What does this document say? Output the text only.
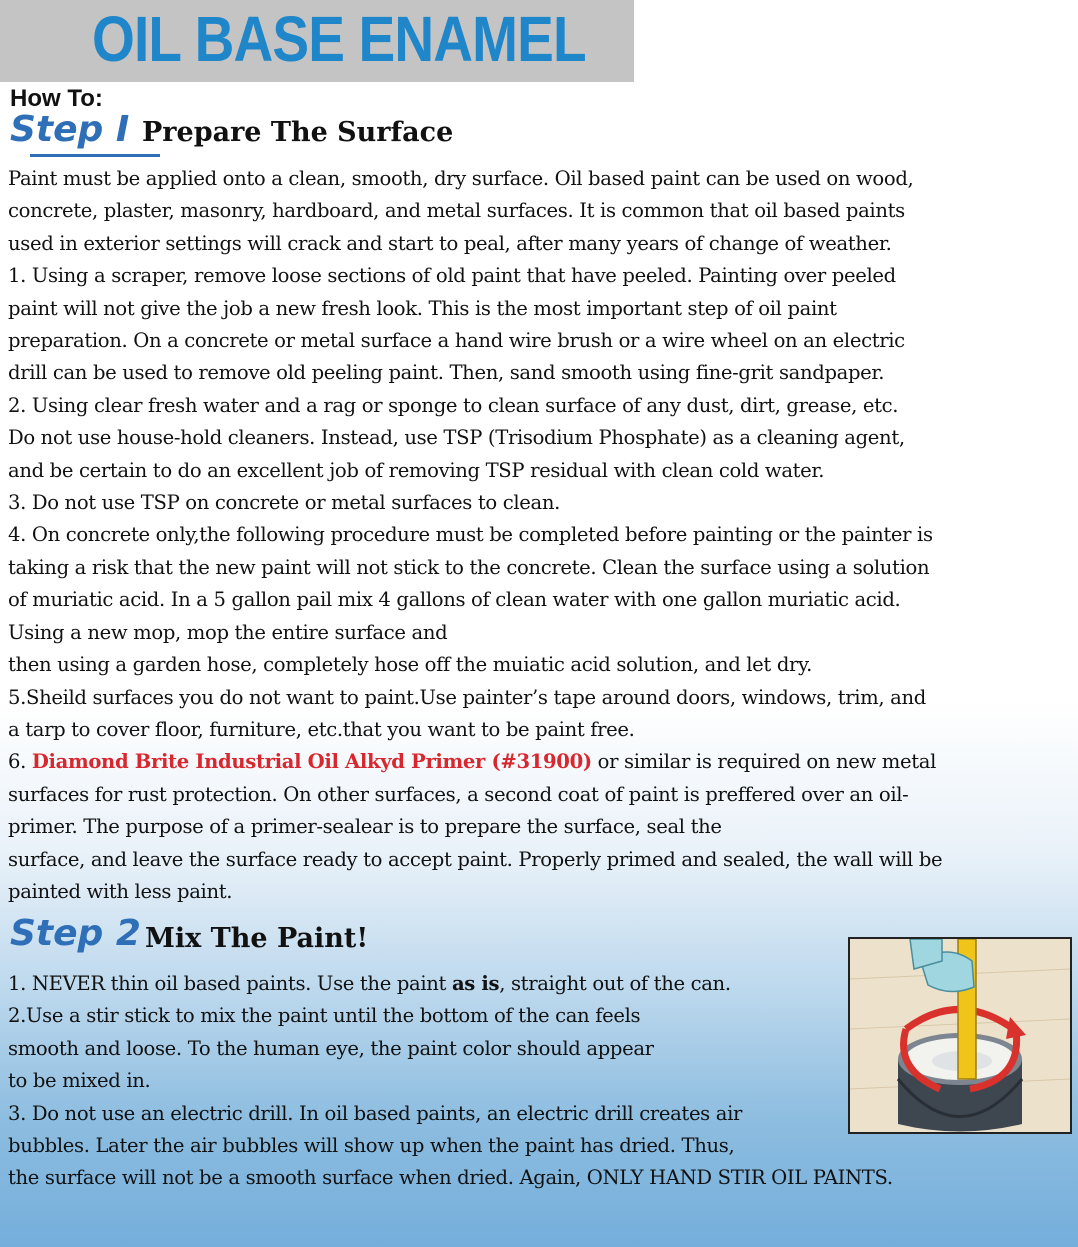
OIL BASE ENAMEL
How To:
Step I Prepare The Surface
Paint must be applied onto a clean, smooth, dry surface. Oil based paint can be used on wood,
concrete, plaster, masonry, hardboard, and metal surfaces. It is common that oil based paints
used in exterior settings will crack and start to peal, after many years of change of weather.
1. Using a scraper, remove loose sections of old paint that have peeled. Painting over peeled
paint will not give the job a new fresh look. This is the most important step of oil paint
preparation. On a concrete or metal surface a hand wire brush or a wire wheel on an electric
drill can be used to remove old peeling paint. Then, sand smooth using fine-grit sandpaper.
2. Using clear fresh water and a rag or sponge to clean surface of any dust, dirt, grease, etc.
Do not use house-hold cleaners. Instead, use TSP (Trisodium Phosphate) as a cleaning agent,
and be certain to do an excellent job of removing TSP residual with clean cold water.
3. Do not use TSP on concrete or metal surfaces to clean.
4. On concrete only,the following procedure must be completed before painting or the painter is
taking a risk that the new paint will not stick to the concrete. Clean the surface using a solution
of muriatic acid. In a 5 gallon pail mix 4 gallons of clean water with one gallon muriatic acid.
Using a new mop, mop the entire surface and
then using a garden hose, completely hose off the muiatic acid solution, and let dry.
5.Sheild surfaces you do not want to paint.Use painter’s tape around doors, windows, trim, and
a tarp to cover floor, furniture, etc.that you want to be paint free.
6. Diamond Brite Industrial Oil Alkyd Primer (#31900) or similar is required on new metal
surfaces for rust protection. On other surfaces, a second coat of paint is preffered over an oil-
primer. The purpose of a primer-sealear is to prepare the surface, seal the
surface, and leave the surface ready to accept paint. Properly primed and sealed, the wall will be
painted with less paint.
Step 2 Mix The Paint!
1. NEVER thin oil based paints. Use the paint as is, straight out of the can.
2.Use a stir stick to mix the paint until the bottom of the can feels
smooth and loose. To the human eye, the paint color should appear
to be mixed in.
3. Do not use an electric drill. In oil based paints, an electric drill creates air
bubbles. Later the air bubbles will show up when the paint has dried. Thus,
the surface will not be a smooth surface when dried. Again, ONLY HAND STIR OIL PAINTS.
